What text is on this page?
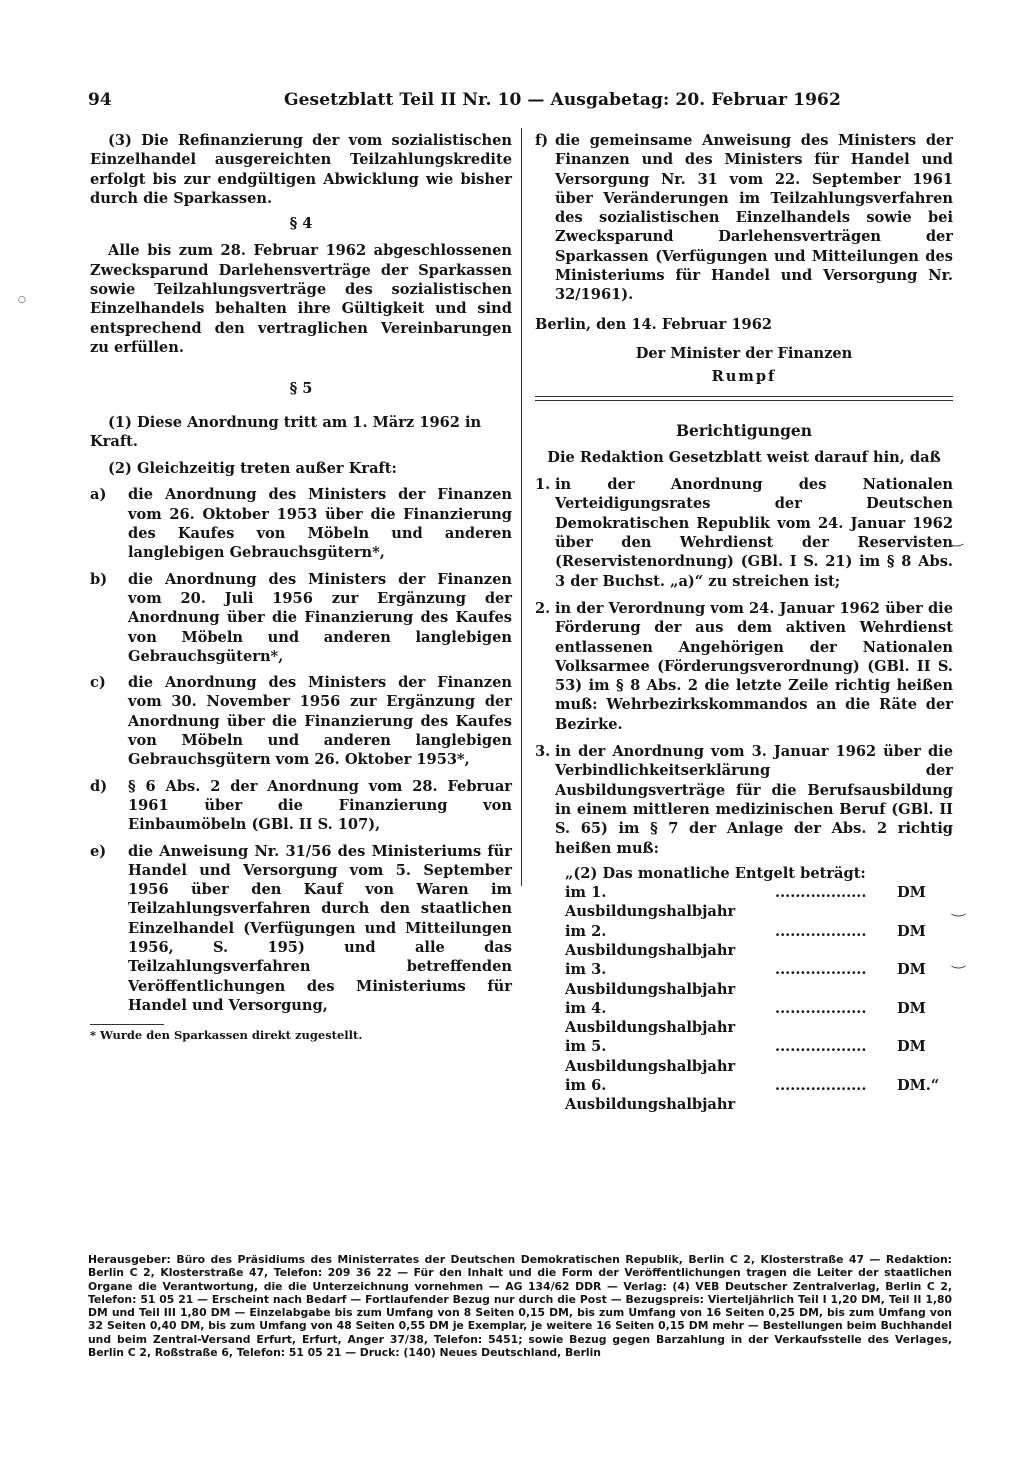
94	Gesetzblatt Teil II Nr. 10 — Ausgabetag: 20. Februar 1962

(3) Die Refinanzierung der vom sozialistischen Einzelhandel ausgereichten Teilzahlungskredite erfolgt bis zur endgültigen Abwicklung wie bisher durch die Sparkassen.

§ 4

Alle bis zum 28. Februar 1962 abgeschlossenen Zwecksparund Darlehensverträge der Sparkassen sowie Teilzahlungsverträge des sozialistischen Einzelhandels behalten ihre Gültigkeit und sind entsprechend den vertraglichen Vereinbarungen zu erfüllen.

§ 5

(1) Diese Anordnung tritt am 1. März 1962 in Kraft.

(2) Gleichzeitig treten außer Kraft:

a)	die Anordnung des Ministers der Finanzen vom 26. Oktober 1953 über die Finanzierung des Kaufes von Möbeln und anderen langlebigen Gebrauchsgütern*,
b)	die Anordnung des Ministers der Finanzen vom 20. Juli 1956 zur Ergänzung der Anordnung über die Finanzierung des Kaufes von Möbeln und anderen langlebigen Gebrauchsgütern*,
c)	die Anordnung des Ministers der Finanzen vom 30. November 1956 zur Ergänzung der Anordnung über die Finanzierung des Kaufes von Möbeln und anderen langlebigen Gebrauchsgütern vom 26. Oktober 1953*,
d)	§ 6 Abs. 2 der Anordnung vom 28. Februar 1961 über die Finanzierung von Einbaumöbeln (GBl. II S. 107),
e)	die Anweisung Nr. 31/56 des Ministeriums für Handel und Versorgung vom 5. September 1956 über den Kauf von Waren im Teilzahlungsverfahren durch den staatlichen Einzelhandel (Verfügungen und Mitteilungen 1956, S. 195) und alle das Teilzahlungsverfahren betreffenden Veröffentlichungen des Ministeriums für Handel und Versorgung,

* Wurde den Sparkassen direkt zugestellt.

f) die gemeinsame Anweisung des Ministers der Finanzen und des Ministers für Handel und Versorgung Nr. 31 vom 22. September 1961 über Veränderungen im Teilzahlungsverfahren des sozialistischen Einzelhandels sowie bei Zwecksparund Darlehensverträgen der Sparkassen (Verfügungen und Mitteilungen des Ministeriums für Handel und Versorgung Nr. 32/1961).

Berlin, den 14. Februar 1962

Der Minister der Finanzen

Rumpf

Berichtigungen

Die Redaktion Gesetzblatt weist darauf hin, daß

1. in der Anordnung des Nationalen Verteidigungsrates der Deutschen Demokratischen Republik vom 24. Januar 1962 über den Wehrdienst der Reservisten (Reservistenordnung) (GBl. I S. 21) im § 8 Abs. 3 der Buchst. „a)“ zu streichen ist;
2. in der Verordnung vom 24. Januar 1962 über die Förderung der aus dem aktiven Wehrdienst entlassenen Angehörigen der Nationalen Volksarmee (Förderungsverordnung) (GBl. II S. 53) im § 8 Abs. 2 die letzte Zeile richtig heißen muß: Wehrbezirkskommandos an die Räte der Bezirke.
3. in der Anordnung vom 3. Januar 1962 über die Verbindlichkeitserklärung der Ausbildungsverträge für die Berufsausbildung in einem mittleren medizinischen Beruf (GBl. II S. 65) im § 7 der Anlage der Abs. 2 richtig heißen muß:

„(2) Das monatliche Entgelt beträgt:

im 1. Ausbildungshalbjahr
..................	DM
im 2. Ausbildungshalbjahr
..................	DM
im 3. Ausbildungshalbjahr
..................	DM
im 4. Ausbildungshalbjahr
..................	DM
im 5. Ausbildungshalbjahr
..................	DM
im 6. Ausbildungshalbjahr
..................	DM.“
‿
‿
‿
○

Herausgeber: Büro des Präsidiums des Ministerrates der Deutschen Demokratischen Republik, Berlin C 2, Klosterstraße 47 — Redaktion: Berlin C 2, Klosterstraße 47, Telefon: 209 36 22 — Für den Inhalt und die Form der Veröffentlichungen tragen die Leiter der staatlichen Organe die Verantwortung, die die Unterzeichnung vornehmen — AG 134/62 DDR — Verlag: (4) VEB Deutscher Zentralverlag, Berlin C 2, Telefon: 51 05 21 — Erscheint nach Bedarf — Fortlaufender Bezug nur durch die Post — Bezugspreis: Vierteljährlich Teil I 1,20 DM, Teil II 1,80 DM und Teil III 1,80 DM — Einzelabgabe bis zum Umfang von 8 Seiten 0,15 DM, bis zum Umfang von 16 Seiten 0,25 DM, bis zum Umfang von 32 Seiten 0,40 DM, bis zum Umfang von 48 Seiten 0,55 DM je Exemplar, je weitere 16 Seiten 0,15 DM mehr — Bestellungen beim Buchhandel und beim Zentral-Versand Erfurt, Erfurt, Anger 37/38, Telefon: 5451; sowie Bezug gegen Barzahlung in der Verkaufsstelle des Verlages, Berlin C 2, Roßstraße 6, Telefon: 51 05 21 — Druck: (140) Neues Deutschland, Berlin
